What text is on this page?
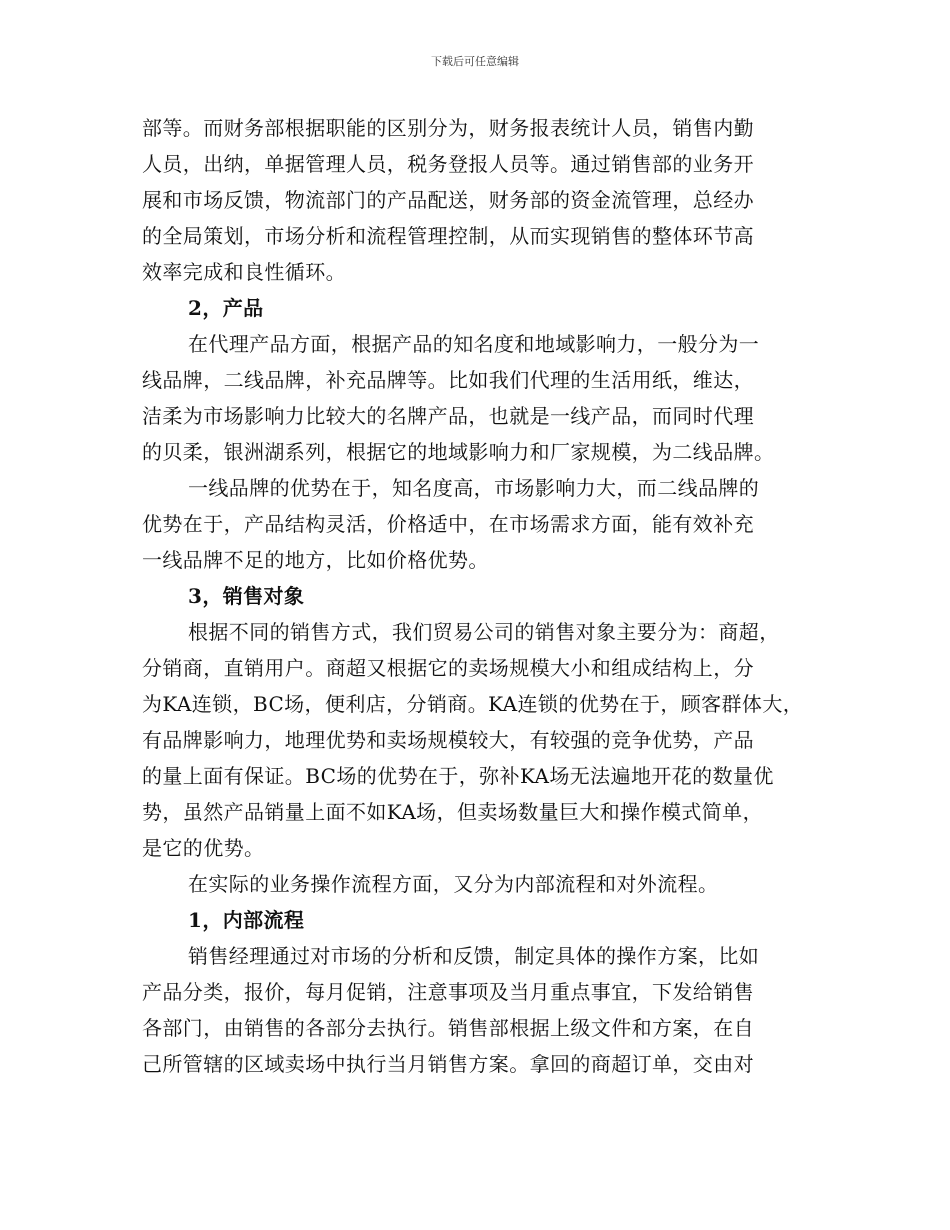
下载后可任意编辑
部等。而财务部根据职能的区别分为，财务报表统计人员，销售内勤
人员，出纳，单据管理人员，税务登报人员等。通过销售部的业务开
展和市场反馈，物流部门的产品配送，财务部的资金流管理，总经办
的全局策划，市场分析和流程管理控制，从而实现销售的整体环节高
效率完成和良性循环。
2，产品
在代理产品方面，根据产品的知名度和地域影响力，一般分为一
线品牌，二线品牌，补充品牌等。比如我们代理的生活用纸，维达，
洁柔为市场影响力比较大的名牌产品，也就是一线产品，而同时代理
的贝柔，银洲湖系列，根据它的地域影响力和厂家规模，为二线品牌。
一线品牌的优势在于，知名度高，市场影响力大，而二线品牌的
优势在于，产品结构灵活，价格适中，在市场需求方面，能有效补充
一线品牌不足的地方，比如价格优势。
3，销售对象
根据不同的销售方式，我们贸易公司的销售对象主要分为：商超，
分销商，直销用户。商超又根据它的卖场规模大小和组成结构上，分
为KA连锁，BC场，便利店，分销商。KA连锁的优势在于，顾客群体大，
有品牌影响力，地理优势和卖场规模较大，有较强的竞争优势，产品
的量上面有保证。BC场的优势在于，弥补KA场无法遍地开花的数量优
势，虽然产品销量上面不如KA场，但卖场数量巨大和操作模式简单，
是它的优势。
在实际的业务操作流程方面，又分为内部流程和对外流程。
1，内部流程
销售经理通过对市场的分析和反馈，制定具体的操作方案，比如
产品分类，报价，每月促销，注意事项及当月重点事宜，下发给销售
各部门，由销售的各部分去执行。销售部根据上级文件和方案，在自
己所管辖的区域卖场中执行当月销售方案。拿回的商超订单，交由对
